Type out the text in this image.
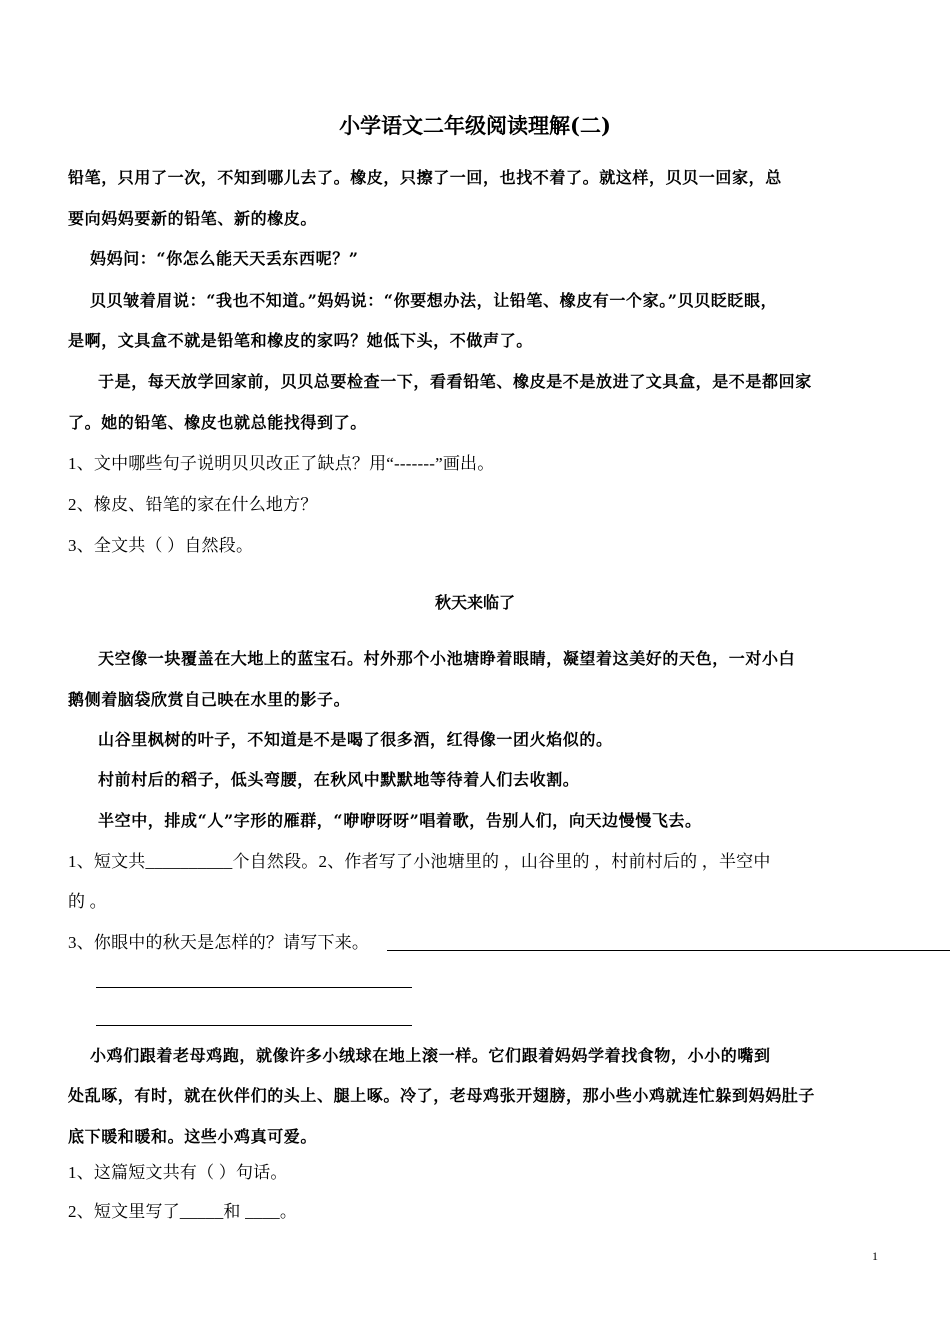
小学语文二年级阅读理解(二)
铅笔，只用了一次，不知到哪儿去了。橡皮，只擦了一回，也找不着了。就这样，贝贝一回家，总
要向妈妈要新的铅笔、新的橡皮。
妈妈问：“你怎么能天天丢东西呢？”
贝贝皱着眉说：“我也不知道。”妈妈说：“你要想办法，让铅笔、橡皮有一个家。”贝贝眨眨眼，
是啊，文具盒不就是铅笔和橡皮的家吗？她低下头，不做声了。
于是，每天放学回家前，贝贝总要检查一下，看看铅笔、橡皮是不是放进了文具盒，是不是都回家
了。她的铅笔、橡皮也就总能找得到了。
1、文中哪些句子说明贝贝改正了缺点？用“-------”画出。
2、橡皮、铅笔的家在什么地方？
3、全文共（ ）自然段。
秋天来临了
天空像一块覆盖在大地上的蓝宝石。村外那个小池塘睁着眼睛，凝望着这美好的天色，一对小白
鹅侧着脑袋欣赏自己映在水里的影子。
山谷里枫树的叶子，不知道是不是喝了很多酒，红得像一团火焰似的。
村前村后的稻子，低头弯腰，在秋风中默默地等待着人们去收割。
半空中，排成“人”字形的雁群，“咿咿呀呀”唱着歌，告别人们，向天边慢慢飞去。
1、短文共__________个自然段。2、作者写了小池塘里的 ，山谷里的 ，村前村后的 ，半空中
的 。
3、你眼中的秋天是怎样的？请写下来。
小鸡们跟着老母鸡跑，就像许多小绒球在地上滚一样。它们跟着妈妈学着找食物，小小的嘴到
处乱啄，有时，就在伙伴们的头上、腿上啄。冷了，老母鸡张开翅膀，那小些小鸡就连忙躲到妈妈肚子
底下暖和暖和。这些小鸡真可爱。
1、这篇短文共有（ ）句话。
2、短文里写了_____和 ____。
1
